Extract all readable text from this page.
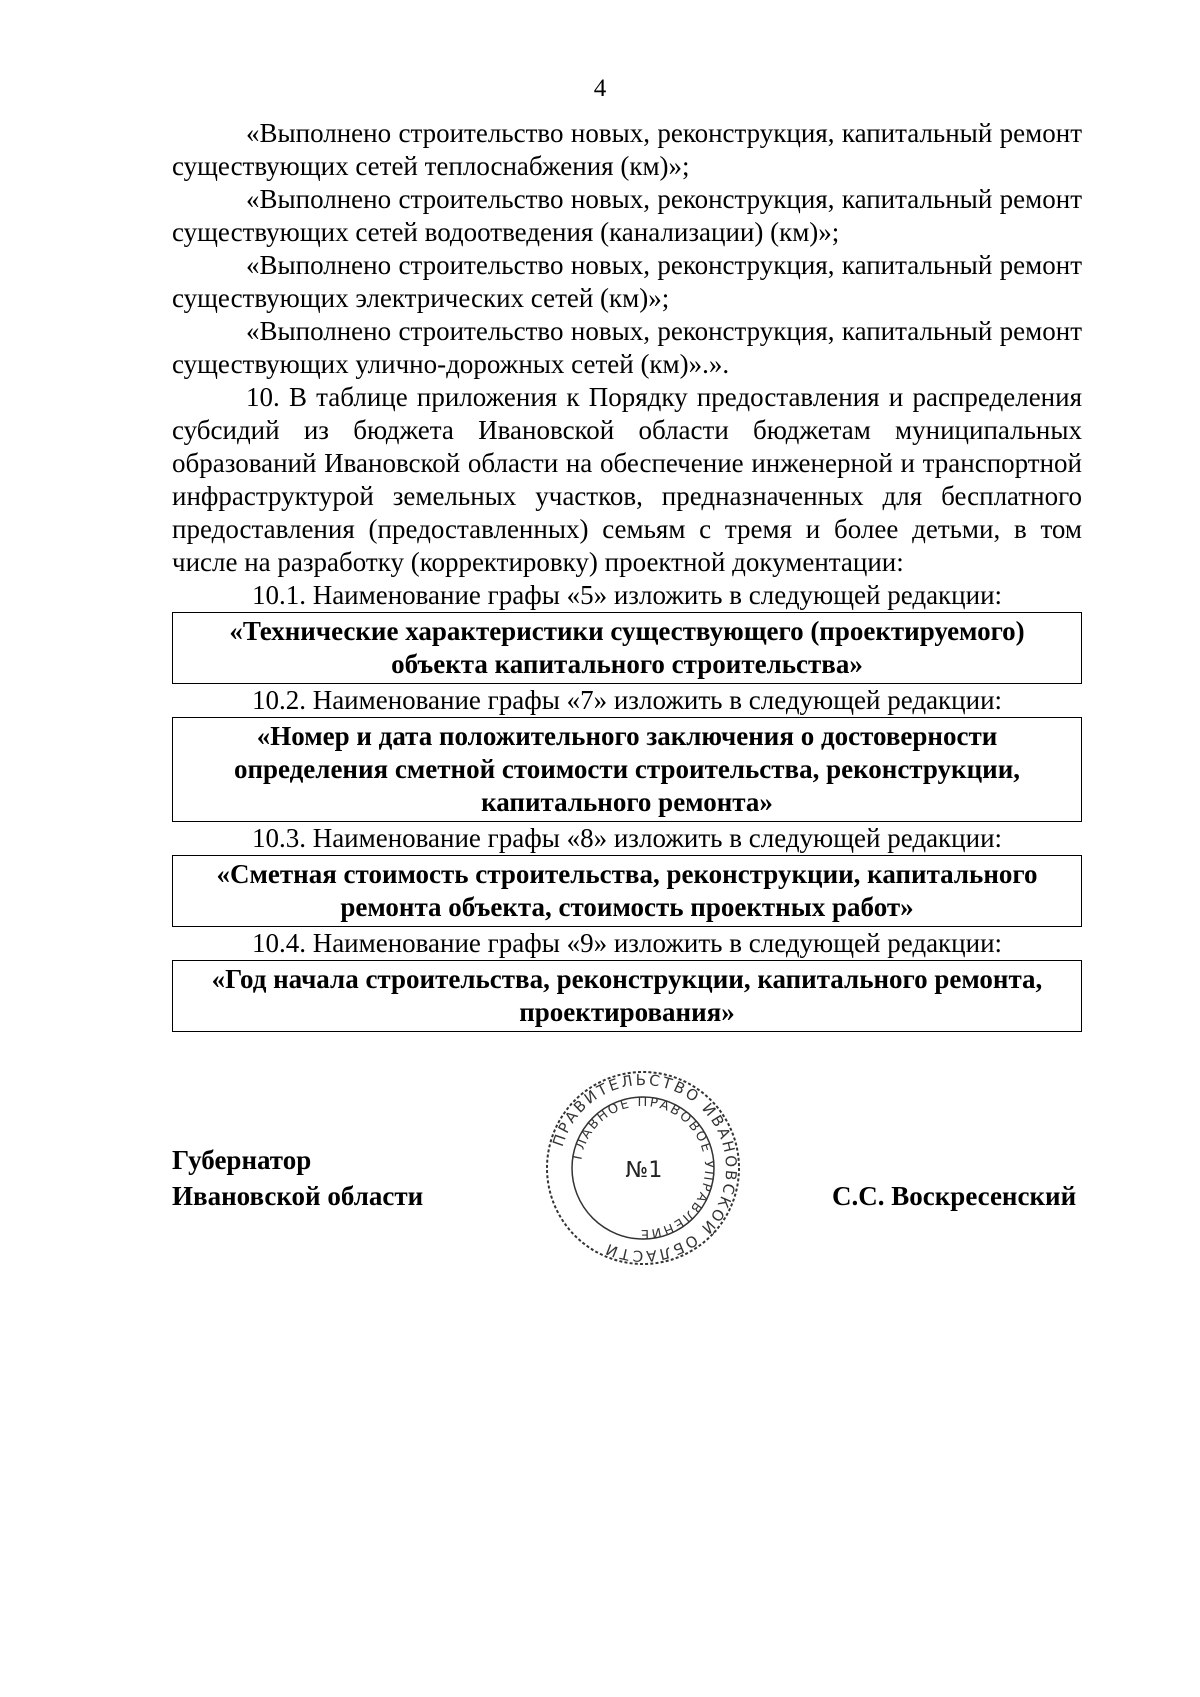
4

«Выполнено строительство новых, реконструкция, капитальный ремонт существующих сетей теплоснабжения (км)»;

«Выполнено строительство новых, реконструкция, капитальный ремонт существующих сетей водоотведения (канализации) (км)»;

«Выполнено строительство новых, реконструкция, капитальный ремонт существующих электрических сетей (км)»;

«Выполнено строительство новых, реконструкция, капитальный ремонт существующих улично-дорожных сетей (км)».».

10. В таблице приложения к Порядку предоставления и распределения субсидий из бюджета Ивановской области бюджетам муниципальных образований Ивановской области на обеспечение инженерной и транспортной инфраструктурой земельных участков, предназначенных для бесплатного предоставления (предоставленных) семьям с тремя и более детьми, в том числе на разработку (корректировку) проектной документации:

10.1. Наименование графы «5» изложить в следующей редакции:

«Технические характеристики существующего (проектируемого) объекта капитального строительства»

10.2. Наименование графы «7» изложить в следующей редакции:

«Номер и дата положительного заключения о достоверности определения сметной стоимости строительства, реконструкции, капитального ремонта»

10.3. Наименование графы «8» изложить в следующей редакции:

«Сметная стоимость строительства, реконструкции, капитального ремонта объекта, стоимость проектных работ»

10.4. Наименование графы «9» изложить в следующей редакции:

«Год начала строительства, реконструкции, капитального ремонта, проектирования»
Губернатор
Ивановской области
ПРАВИТЕЛЬСТВО ИВАНОВСКОЙ ОБЛАСТИ
ГЛАВНОЕ ПРАВОВОЕ УПРАВЛЕНИЕ
№1
С.С. Воскресенский
